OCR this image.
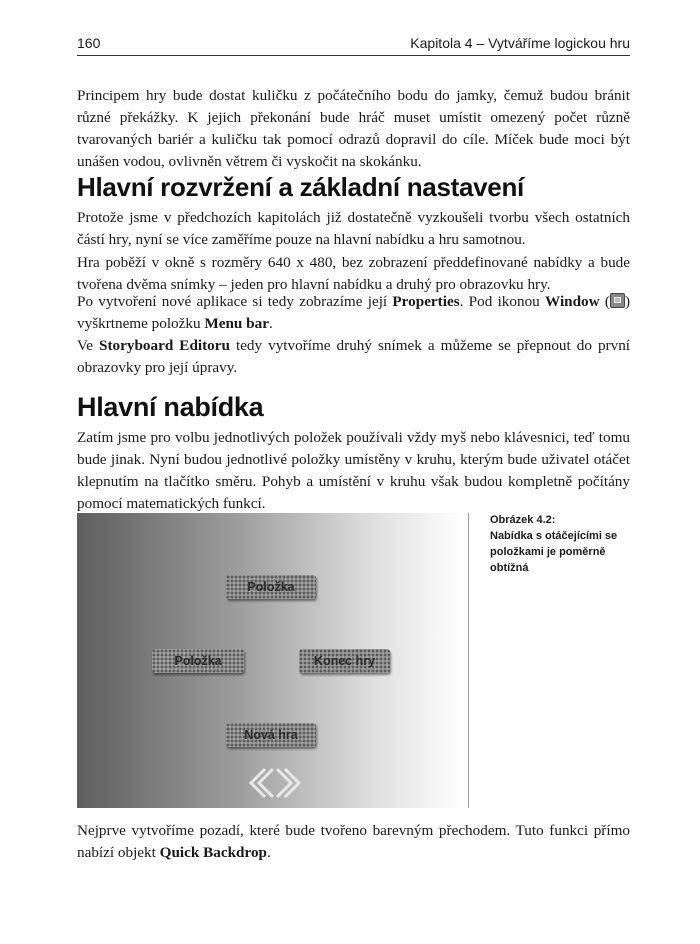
160	Kapitola 4 – Vytváříme logickou hru

Principem hry bude dostat kuličku z počátečního bodu do jamky, čemuž budou bránit různé překážky. K jejich překonání bude hráč muset umístit omezený počet různě tvarovaných bariér a kuličku tak pomocí odrazů dopravil do cíle. Míček bude moci být unášen vodou, ovlivněn větrem či vyskočit na skokánku.

Hlavní rozvržení a základní nastavení

Protože jsme v předchozích kapitolách již dostatečně vyzkoušeli tvorbu všech ostatních částí hry, nyní se více zaměříme pouze na hlavní nabídku a hru samotnou.

Hra poběží v okně s rozměry 640 x 480, bez zobrazení předdefinované nabídky a bude tvořena dvěma snímky – jeden pro hlavní nabídku a druhý pro obrazovku hry.

Po vytvoření nové aplikace si tedy zobrazíme její Properties. Pod ikonou Window ( ) vyškrtneme položku Menu bar.

Ve Storyboard Editoru tedy vytvoříme druhý snímek a můžeme se přepnout do první obrazovky pro její úpravy.

Hlavní nabídka

Zatím jsme pro volbu jednotlivých položek používali vždy myš nebo klávesnici, teď tomu bude jinak. Nyní budou jednotlivé položky umístěny v kruhu, kterým bude uživatel otáčet klepnutím na tlačítko směru. Pohyb a umístění v kruhu však budou kompletně počítány pomocí matematických funkcí.

Položka
Položka	Konec hry
Nová hra
Obrázek 4.2:
Nabídka s otáčejícími se položkami je poměrně obtížná

Nejprve vytvoříme pozadí, které bude tvořeno barevným přechodem. Tuto funkci přímo nabízí objekt Quick Backdrop.
